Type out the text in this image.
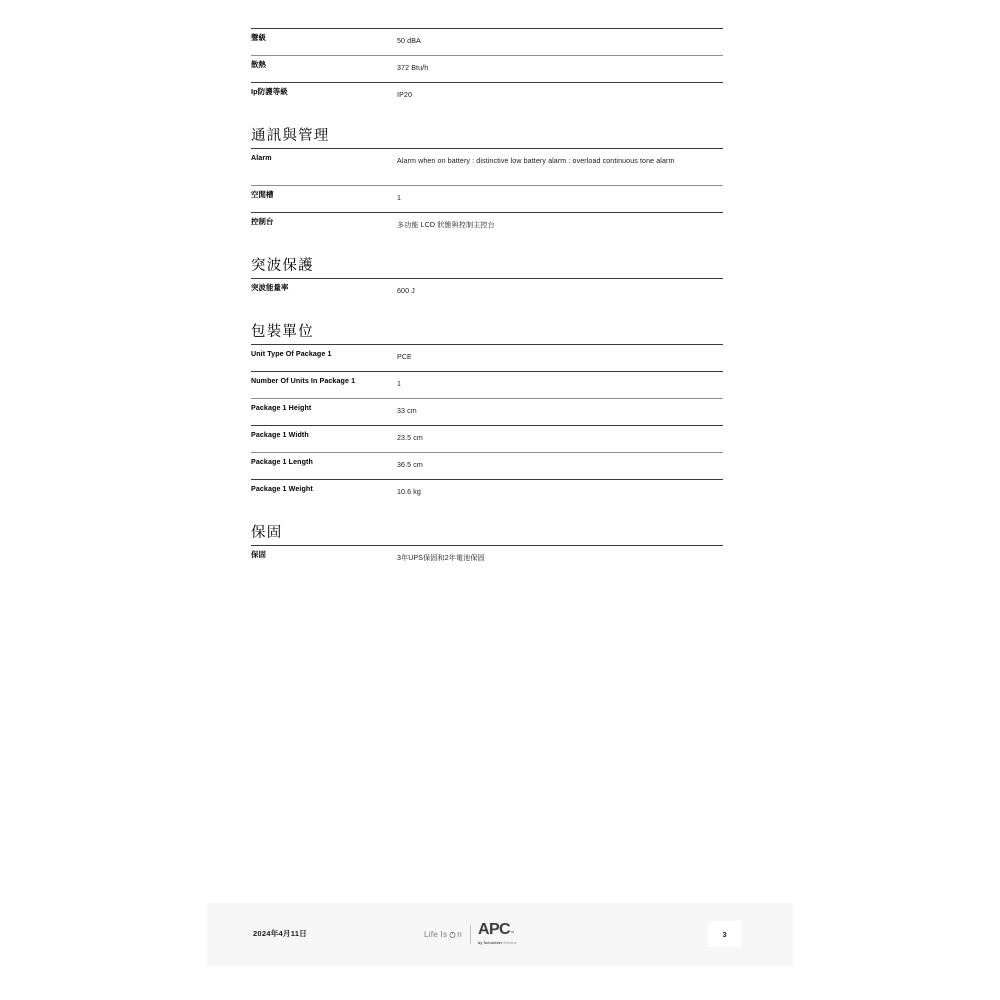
聲級	50 dBA
散熱	372 Btu/h
Ip防護等級	IP20
通訊與管理
Alarm	Alarm when on battery : distinctive low battery alarm : overload continuous tone alarm
空閒槽	1
控制台	多功能 LCD 狀態與控制主控台
突波保護
突波能量率	600 J
包裝單位
Unit Type Of Package 1	PCE
Number Of Units In Package 1	1
Package 1 Height	33 cm
Package 1 Width	23.5 cm
Package 1 Length	36.5 cm
Package 1 Weight	10.6 kg
保固
保固	3年UPS保固和2年電池保固
2024年4月11日	Life Is n APC ™
by Schneider Electric
3
